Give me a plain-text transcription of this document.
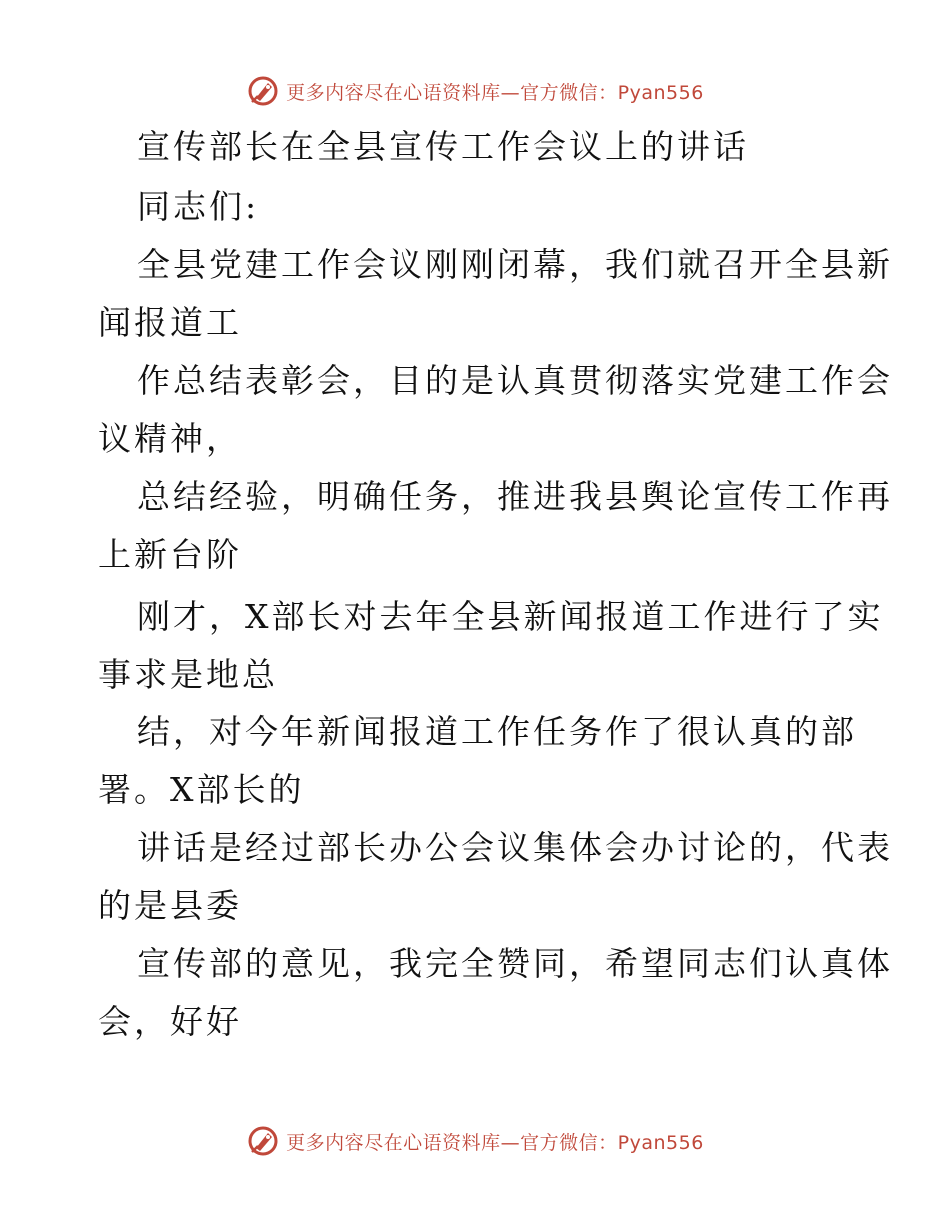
更多内容尽在心语资料库—官方微信：Pyan556
宣传部长在全县宣传工作会议上的讲话
同志们:
全县党建工作会议刚刚闭幕，我们就召开全县新
闻报道工
作总结表彰会，目的是认真贯彻落实党建工作会
议精神，
总结经验，明确任务，推进我县舆论宣传工作再
上新台阶
刚才，X部长对去年全县新闻报道工作进行了实
事求是地总
结，对今年新闻报道工作任务作了很认真的部
署。X部长的
讲话是经过部长办公会议集体会办讨论的，代表
的是县委
宣传部的意见，我完全赞同，希望同志们认真体
会，好好
更多内容尽在心语资料库—官方微信：Pyan556
